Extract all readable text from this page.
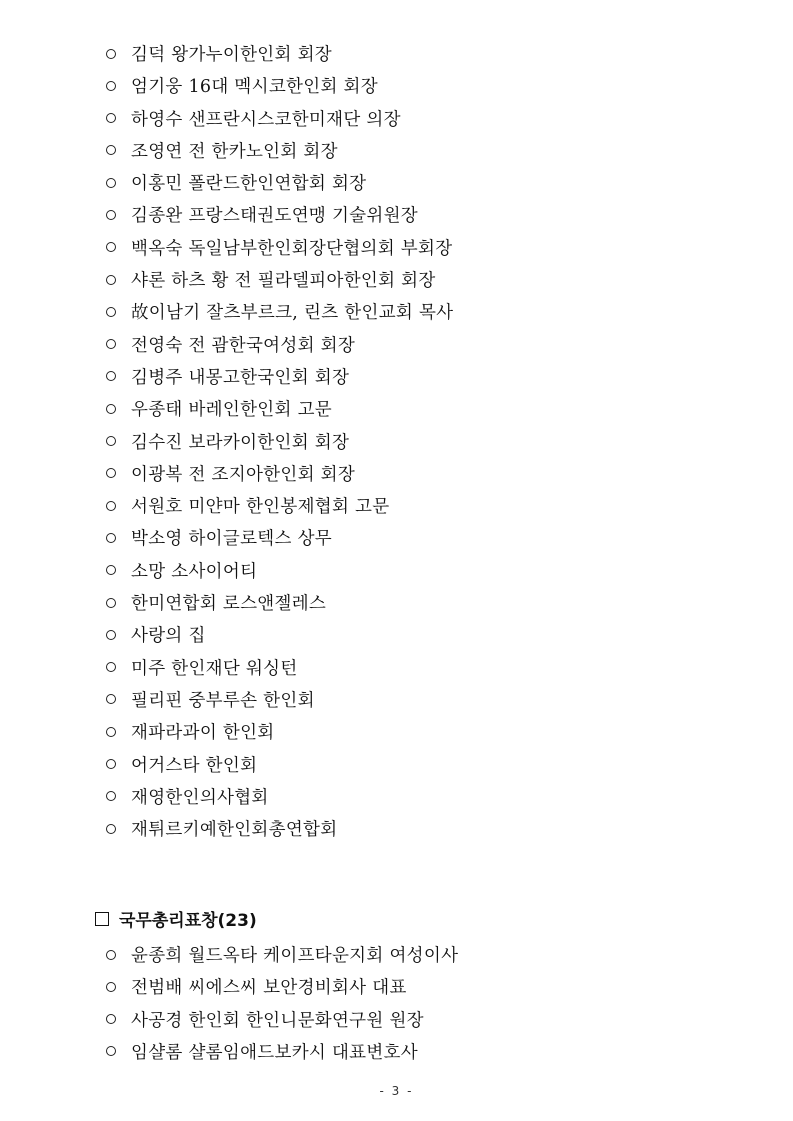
김덕 왕가누이한인회 회장
엄기웅 16대 멕시코한인회 회장
하영수 샌프란시스코한미재단 의장
조영연 전 한카노인회 회장
이홍민 폴란드한인연합회 회장
김종완 프랑스태권도연맹 기술위원장
백옥숙 독일남부한인회장단협의회 부회장
샤론 하츠 황 전 필라델피아한인회 회장
故이남기 잘츠부르크, 린츠 한인교회 목사
전영숙 전 괌한국여성회 회장
김병주 내몽고한국인회 회장
우종태 바레인한인회 고문
김수진 보라카이한인회 회장
이광복 전 조지아한인회 회장
서원호 미얀마 한인봉제협회 고문
박소영 하이글로텍스 상무
소망 소사이어티
한미연합회 로스앤젤레스
사랑의 집
미주 한인재단 워싱턴
필리핀 중부루손 한인회
재파라과이 한인회
어거스타 한인회
재영한인의사협회
재튀르키예한인회총연합회
국무총리표창(23)
윤종희 월드옥타 케이프타운지회 여성이사
전범배 씨에스씨 보안경비회사 대표
사공경 한인회 한인니문화연구원 원장
임샬롬 샬롬임애드보카시 대표변호사
- 3 -
